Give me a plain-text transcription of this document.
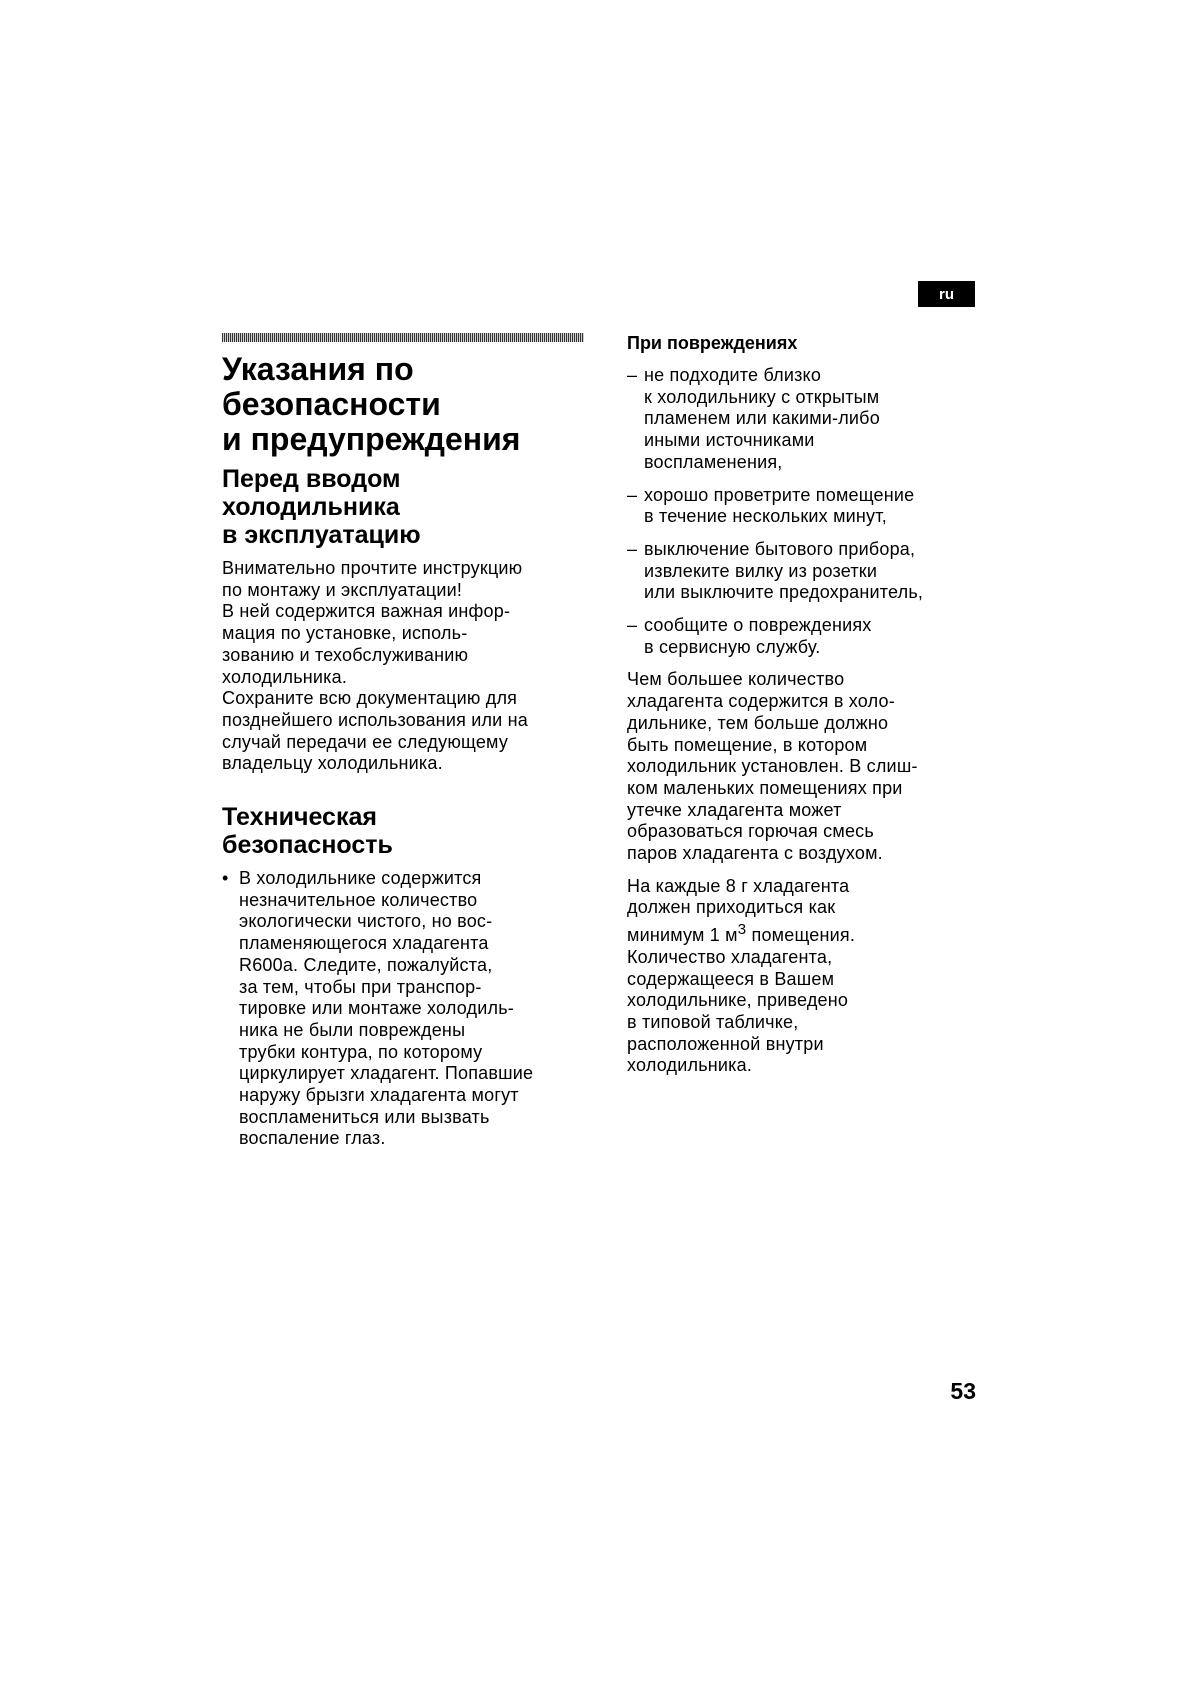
ru
Указания по
безопасности
и предупреждения
Перед вводом
холодильника
в эксплуатацию
Внимательно прочтите инструкцию
по монтажу и эксплуатации!
В ней содержится важная инфор-
мация по установке, исполь-
зованию и техобслуживанию
холодильника.
Сохраните всю документацию для
позднейшего использования или на
случай передачи ее следующему
владельцу холодильника.
Техническая
безопасность
• В холодильнике содержится
незначительное количество
экологически чистого, но вос-
пламеняющегося хладагента
R600a. Следите, пожалуйста,
за тем, чтобы при транспор-
тировке или монтаже холодиль-
ника не были повреждены
трубки контура, по которому
циркулирует хладагент. Попавшие
наружу брызги хладагента могут
воспламениться или вызвать
воспаление глаз.
При повреждениях
– не подходите близко
к холодильнику с открытым
пламенем или какими-либо
иными источниками
воспламенения,
– хорошо проветрите помещение
в течение нескольких минут,
– выключение бытового прибора,
извлеките вилку из розетки
или выключите предохранитель,
– сообщите о повреждениях
в сервисную службу.
Чем большее количество
хладагента содержится в холо-
дильнике, тем больше должно
быть помещение, в котором
холодильник установлен. В слиш-
ком маленьких помещениях при
утечке хладагента может
образоваться горючая смесь
паров хладагента с воздухом.
На каждые 8 г хладагента
должен приходиться как
минимум 1 $м^3$ помещения.
Количество хладагента,
содержащееся в Вашем
холодильнике, приведено
в типовой табличке,
расположенной внутри
холодильника.
53
